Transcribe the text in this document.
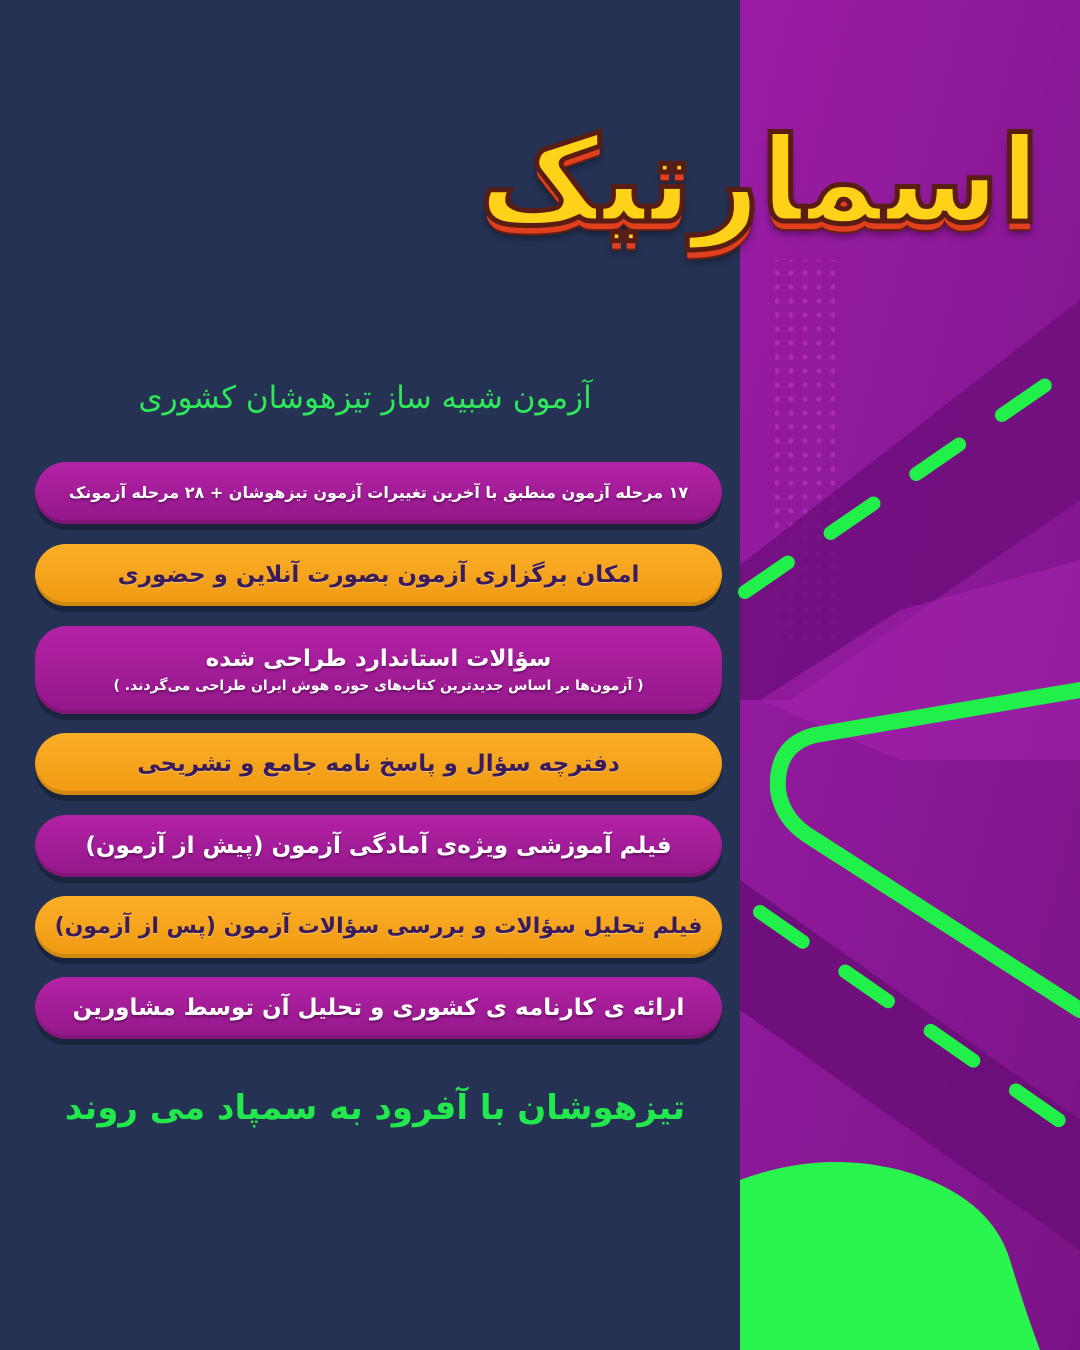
اسمارتیک

آزمون شبیه ساز تیزهوشان کشوری

۱۷ مرحله آزمون منطبق با آخرین تغییرات آزمون تیزهوشان + ۲۸ مرحله آزمونک
امکان برگزاری آزمون بصورت آنلاین و حضوری
سؤالات استاندارد طراحی شده
( آزمون‌ها بر اساس جدیدترین کتاب‌های حوزه هوش ایران طراحی می‌گردند. )
دفترچه سؤال و پاسخ نامه جامع و تشریحی
فیلم آموزشی ویژه‌ی آمادگی آزمون (پیش از آزمون)
فیلم تحلیل سؤالات و بررسی سؤالات آزمون (پس از آزمون)
ارائه ی کارنامه ی کشوری و تحلیل آن توسط مشاورین

تیزهوشان با آفرود به سمپاد می روند
